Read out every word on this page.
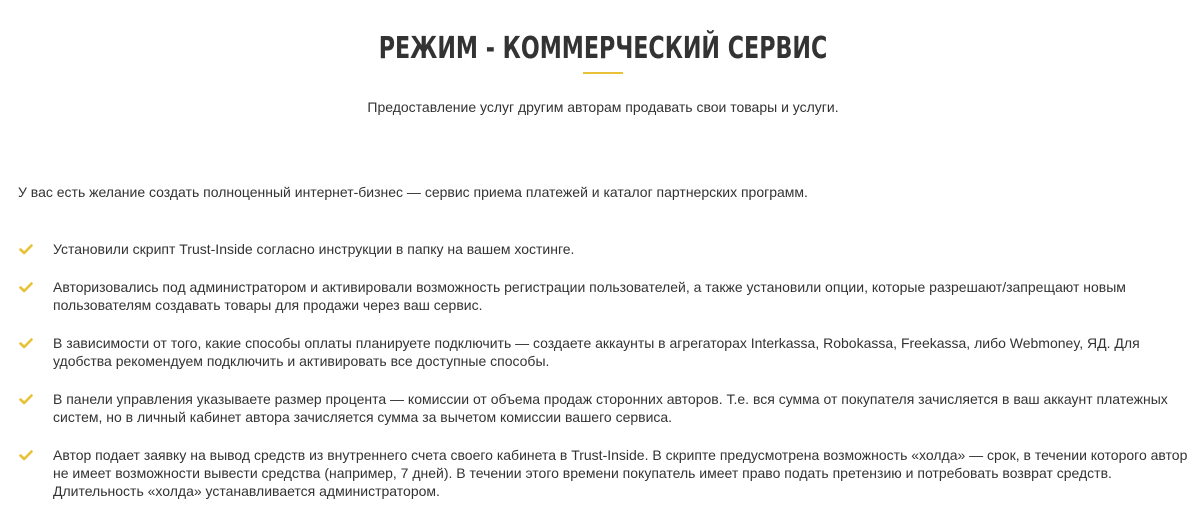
РЕЖИМ - КОММЕРЧЕСКИЙ СЕРВИС

Предоставление услуг другим авторам продавать свои товары и услуги.

У вас есть желание создать полноценный интернет-бизнес — сервис приема платежей и каталог партнерских программ.

Установили скрипт Trust-Inside согласно инструкции в папку на вашем хостинге.
Авторизовались под администратором и активировали возможность регистрации пользователей, а также установили опции, которые разрешают/запрещают новым пользователям создавать товары для продажи через ваш сервис.
В зависимости от того, какие способы оплаты планируете подключить — создаете аккаунты в агрегаторах Interkassa, Robokassa, Freekassa, либо Webmoney, ЯД. Для удобства рекомендуем подключить и активировать все доступные способы.
В панели управления указываете размер процента — комиссии от объема продаж сторонних авторов. Т.е. вся сумма от покупателя зачисляется в ваш аккаунт платежных систем, но в личный кабинет автора зачисляется сумма за вычетом комиссии вашего сервиса.
Автор подает заявку на вывод средств из внутреннего счета своего кабинета в Trust-Inside. В скрипте предусмотрена возможность «холда» — срок, в течении которого автор не имеет возможности вывести средства (например, 7 дней). В течении этого времени покупатель имеет право подать претензию и потребовать возврат средств. Длительность «холда» устанавливается администратором.
